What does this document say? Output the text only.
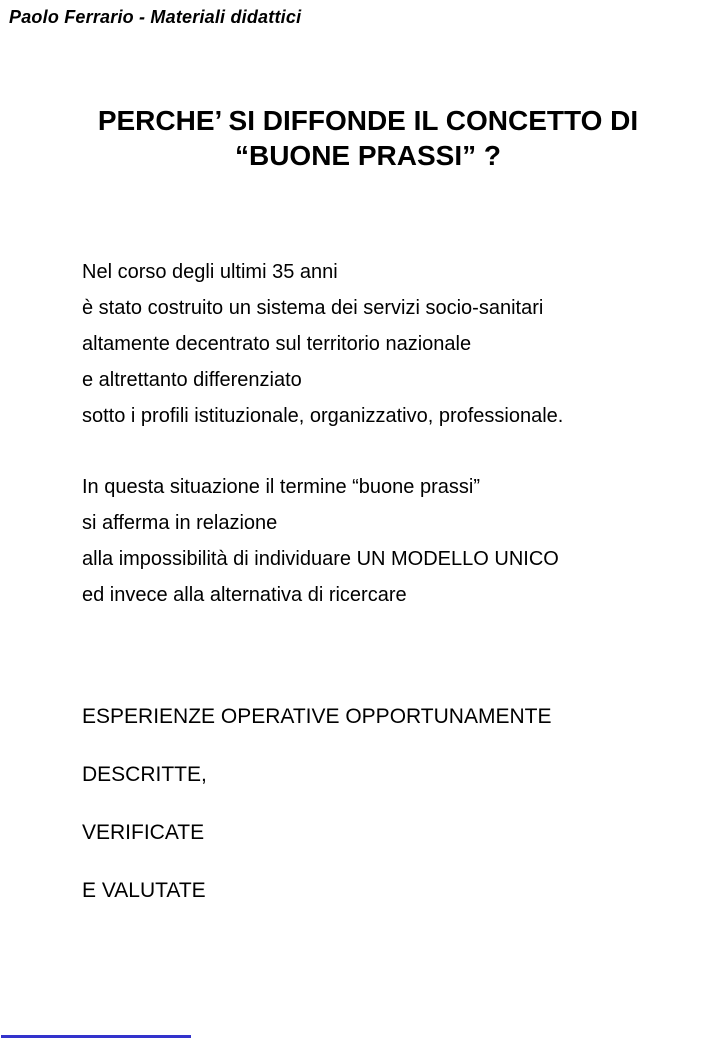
Paolo Ferrario - Materiali didattici
PERCHE’ SI DIFFONDE IL CONCETTO DI
“BUONE PRASSI” ?
Nel corso degli ultimi 35 anni
è stato costruito un sistema dei servizi socio-sanitari
altamente decentrato sul territorio nazionale
e altrettanto differenziato
sotto i profili istituzionale, organizzativo, professionale.
In questa situazione il termine “buone prassi”
si afferma in relazione
alla impossibilità di individuare UN MODELLO UNICO
ed invece alla alternativa di ricercare
ESPERIENZE OPERATIVE OPPORTUNAMENTE
DESCRITTE,
VERIFICATE
E VALUTATE
